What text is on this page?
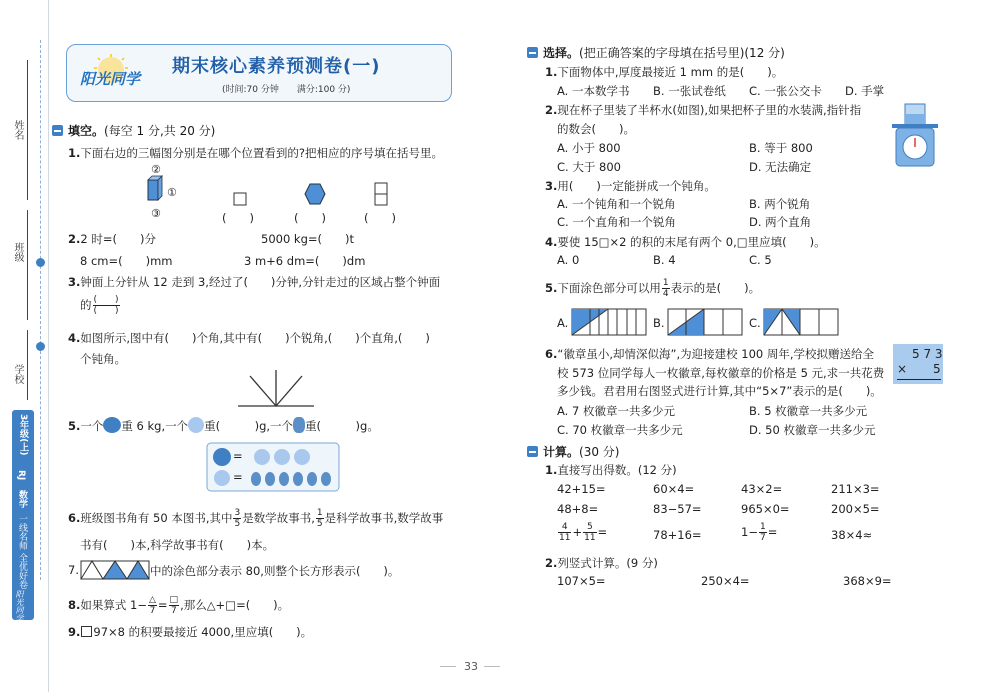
姓名
班级
学校
3年级(上)
RJ
数学
一线名师 全优好卷
阳光同学
阳光同学
期末核心素养预测卷(一)
(时间:70 分钟　　满分:100 分)
填空。(每空 1 分,共 20 分)
1.下面右边的三幅图分别是在哪个位置看到的?把相应的序号填在括号里。
②
①
③	(　　)	(　　)	(　　)
2.2 时=(　　)分	5000 kg=(　　)t
8 cm=(　　)mm	3 m+6 dm=(　　)dm
3.钟面上分针从 12 走到 3,经过了(　　)分钟,分针走过的区域占整个钟面
的 $\frac{( )}{( )}$
4.如图所示,图中有(　　)个角,其中有(　　)个锐角,(　　)个直角,(　　)
个钝角。
5.一个 重 6 kg,一个 重(　　　)g,一个 重(　　　)g。
=
=
6.班级图书角有 50 本图书,其中 $\frac{3}{5}$ 是数学故事书, $\frac{1}{5}$ 是科学故事书,数学故事
书有(　　)本,科学故事书有(　　)本。
7.	中的涂色部分表示 80,则整个长方形表示(　　)。
8.如果算式 $1- \frac{\triangle}{7} = \frac{□}{7}$ ,那么△+□=(　　)。
9. 97×8 的积要最接近 4000,里应填(　　)。
选择。(把正确答案的字母填在括号里)(12 分)
1.下面物体中,厚度最接近 1 mm 的是(　　)。
A. 一本数学书 B. 一张试卷纸 C. 一张公交卡 D. 手掌
2.现在杯子里装了半杯水(如图),如果把杯子里的水装满,指针指
的数会(　　)。
A. 小于 800	B. 等于 800
C. 大于 800	D. 无法确定
3.用(　　)一定能拼成一个钝角。
A. 一个钝角和一个锐角	B. 两个锐角
C. 一个直角和一个锐角	D. 两个直角
4.要使 15□×2 的积的末尾有两个 0,□里应填(　　)。
A. 0	B. 4	C. 5
5.下面涂色部分可以用 $\frac{1}{4}$ 表示的是(　　)。
A.	B.	C.
6.“徽章虽小,却情深似海”,为迎接建校 100 周年,学校拟赠送给全
校 573 位同学每人一枚徽章,每枚徽章的价格是 5 元,求一共花费
多少钱。君君用右图竖式进行计算,其中“5×7”表示的是(　　)。
5 7 3
× 5
A. 7 枚徽章一共多少元	B. 5 枚徽章一共多少元
C. 70 枚徽章一共多少元	D. 50 枚徽章一共多少元
计算。(30 分)
1.直接写出得数。(12 分)
42+15=	60×4=	43×2=	211×3=
48+8=	83−57=	965×0=	200×5=
$\frac{4}{11} + \frac{5}{11}$ =	78+16=	$1- \frac{1}{7}$ =	38×4≈
2.列竖式计算。(9 分)
107×5=	250×4=	368×9=
33
